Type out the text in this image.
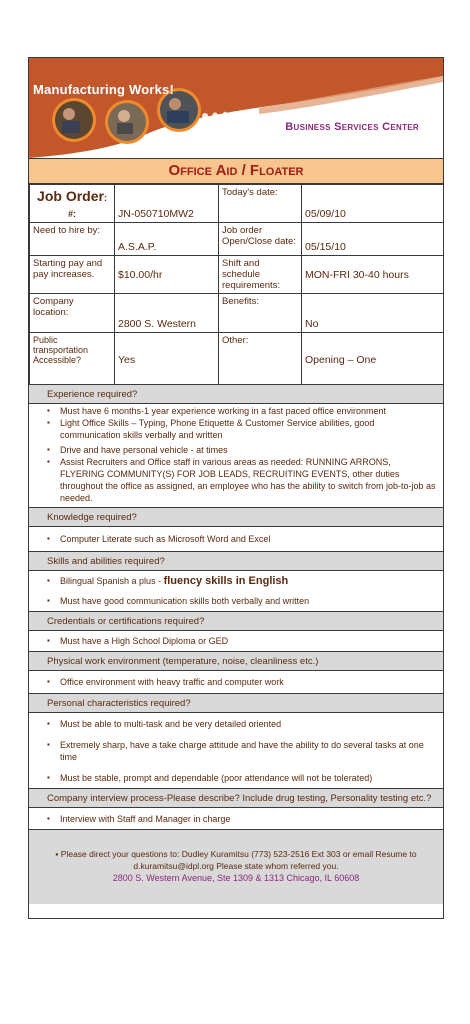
Manufacturing Works!
Business Services Center
Office Aid / Floater
Job Order: #:	JN-050710MW2	Today's date:	05/09/10
Need to hire by:	A.S.A.P.	Job order Open/Close date:	05/15/10
Starting pay and pay increases.	$10.00/hr	Shift and schedule requirements:	MON-FRI 30-40 hours
Company location:	2800 S. Western	Benefits:	No
Public transportation Accessible?	Yes	Other:	Opening – One
Experience required?
▪ Must have 6 months-1 year experience working in a fast paced office environment
▪ Light Office Skills – Typing, Phone Etiquette & Customer Service abilities, good communication skills verbally and written
▪ Drive and have personal vehicle - at times
▪ Assist Recruiters and Office staff in various areas as needed: RUNNING ARRONS, FLYERING COMMUNITY(S) FOR JOB LEADS, RECRUITING EVENTS, other duties throughout the office as assigned, an employee who has the ability to switch from job-to-job as needed.
Knowledge required?
▪ Computer Literate such as Microsoft Word and Excel
Skills and abilities required?
▪ Bilingual Spanish a plus - fluency skills in English
▪ Must have good communication skills both verbally and written
Credentials or certifications required?
▪ Must have a High School Diploma or GED
Physical work environment (temperature, noise, cleanliness etc.)
▪ Office environment with heavy traffic and computer work
Personal characteristics required?
▪ Must be able to multi-task and be very detailed oriented
▪ Extremely sharp, have a take charge attitude and have the ability to do several tasks at one time
▪ Must be stable, prompt and dependable (poor attendance will not be tolerated)
Company interview process-Please describe? Include drug testing, Personality testing etc.?
▪ Interview with Staff and Manager in charge
▪ Please direct your questions to: Dudley Kuramitsu (773) 523-2516 Ext 303 or email Resume to
d.kuramitsu@idpl.org Please state whom referred you.
2800 S. Western Avenue, Ste 1309 & 1313 Chicago, IL 60608
